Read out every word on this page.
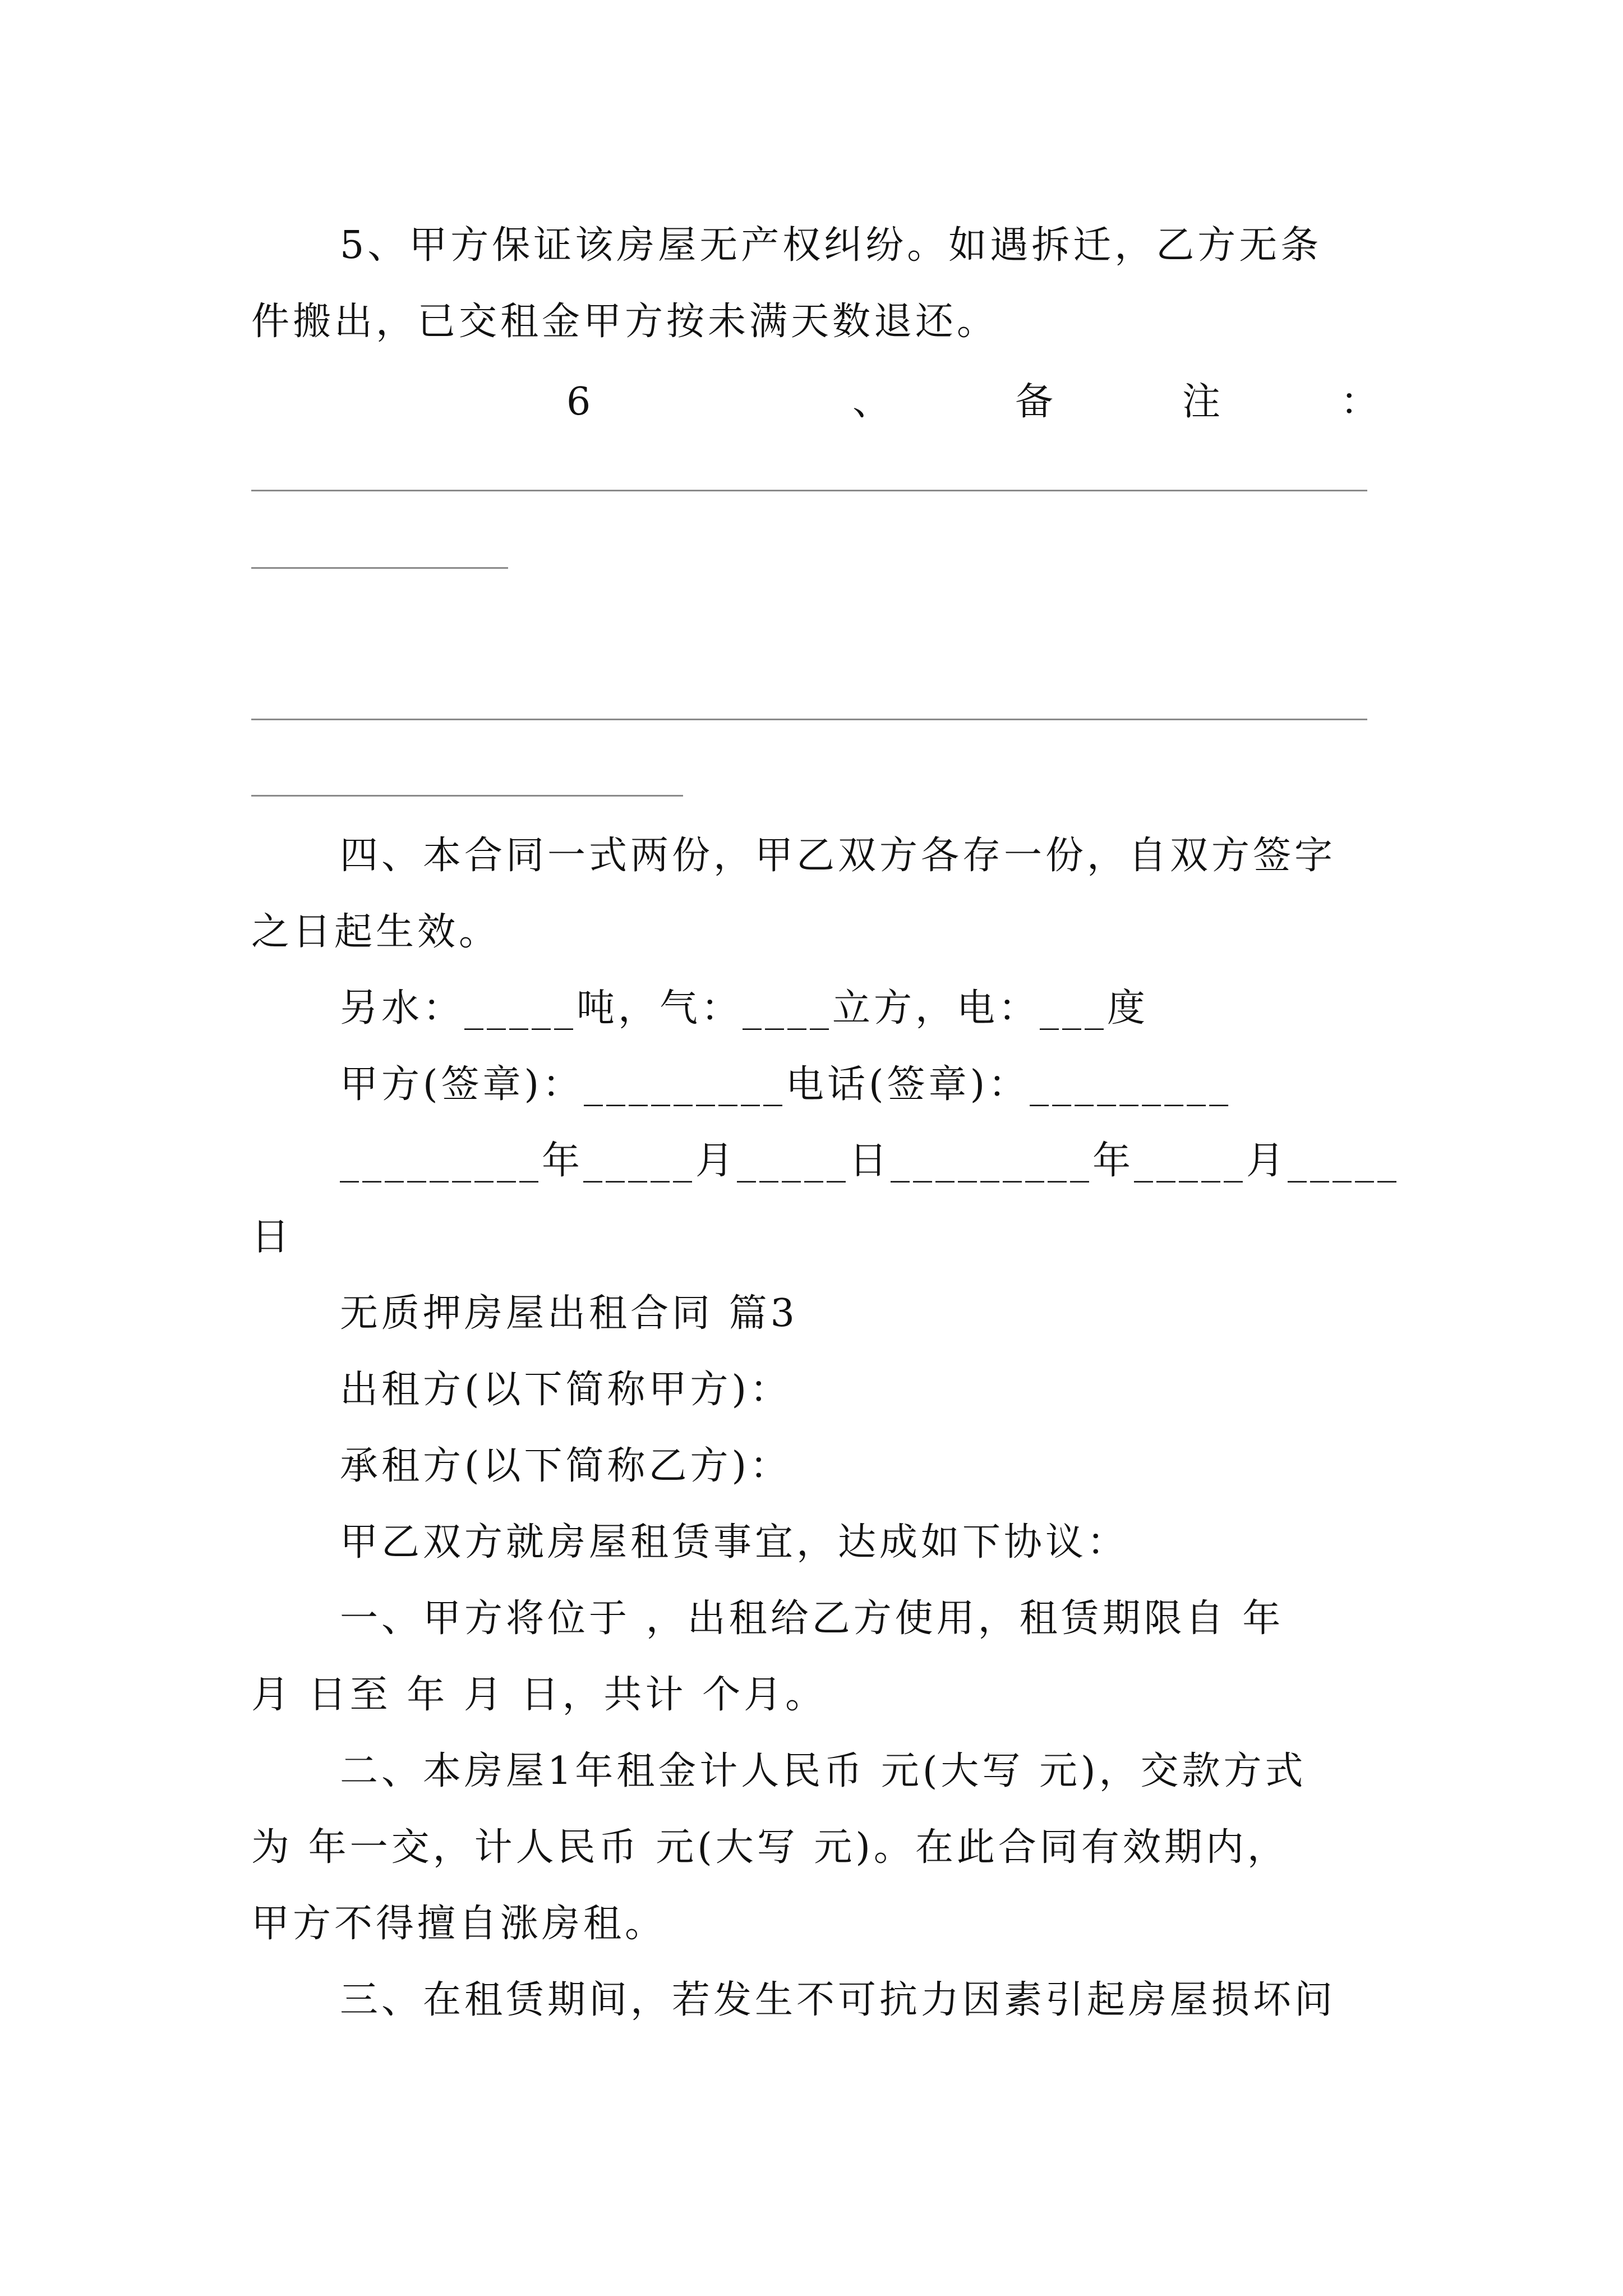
5、甲方保证该房屋无产权纠纷。如遇拆迁，乙方无条
件搬出，已交租金甲方按未满天数退还。
6	、	备	注	：
四、本合同一式两份，甲乙双方各存一份，自双方签字
之日起生效。
另水：_____吨，气：____立方，电：___度
甲方(签章)：_________电话(签章)：_________
_________年_____月_____日_________年_____月_____
日
无质押房屋出租合同 篇3
出租方(以下简称甲方)：
承租方(以下简称乙方)：
甲乙双方就房屋租赁事宜，达成如下协议：
一、甲方将位于 ，出租给乙方使用，租赁期限自 年
月 日至 年 月 日，共计 个月。
二、本房屋1年租金计人民币 元(大写 元)，交款方式
为 年一交，计人民币 元(大写 元)。在此合同有效期内，
甲方不得擅自涨房租。
三、在租赁期间，若发生不可抗力因素引起房屋损坏问
